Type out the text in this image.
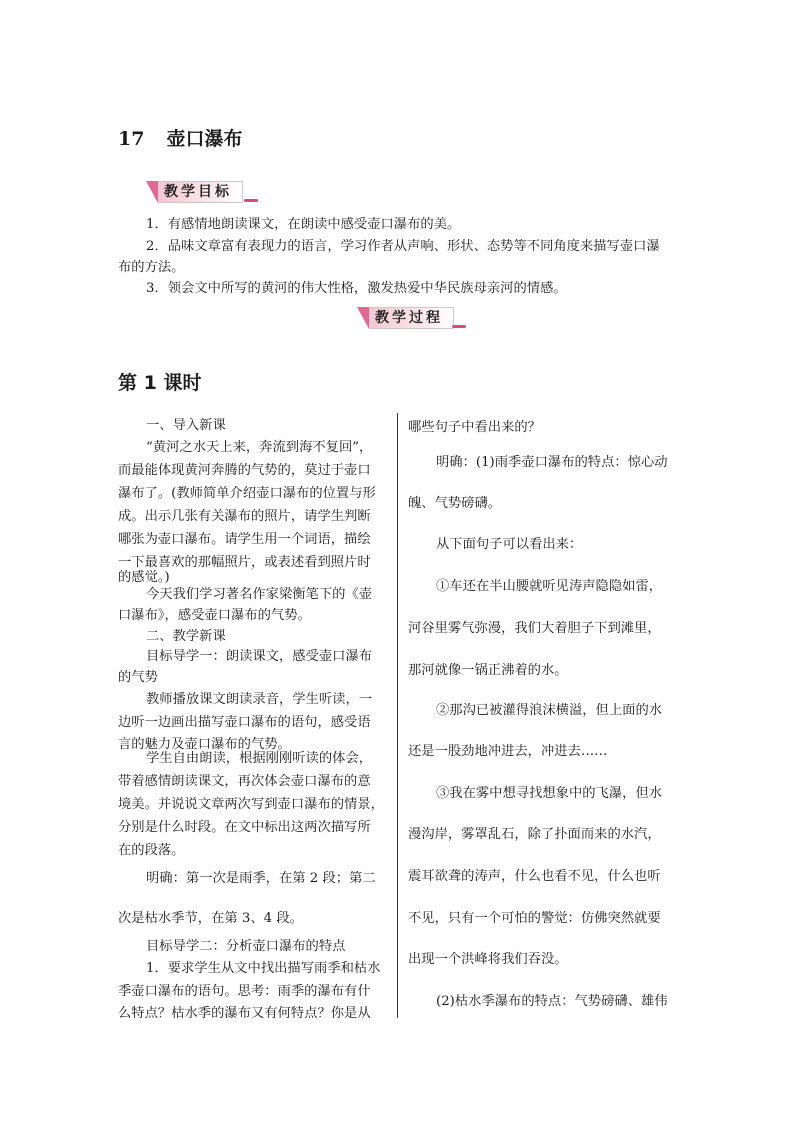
17 壶口瀑布
教学目标
1．有感情地朗读课文，在朗读中感受壶口瀑布的美。
2．品味文章富有表现力的语言，学习作者从声响、形状、态势等不同角度来描写壶口瀑
布的方法。
3．领会文中所写的黄河的伟大性格，激发热爱中华民族母亲河的情感。
教学过程
第 1 课时
一、导入新课
“黄河之水天上来，奔流到海不复回”，
而最能体现黄河奔腾的气势的，莫过于壶口
瀑布了。(教师简单介绍壶口瀑布的位置与形
成。出示几张有关瀑布的照片，请学生判断
哪张为壶口瀑布。请学生用一个词语，描绘
一下最喜欢的那幅照片，或表述看到照片时
的感觉。)
今天我们学习著名作家梁衡笔下的《壶
口瀑布》，感受壶口瀑布的气势。
二、教学新课
目标导学一：朗读课文，感受壶口瀑布
的气势
教师播放课文朗读录音，学生听读，一
边听一边画出描写壶口瀑布的语句，感受语
言的魅力及壶口瀑布的气势。
学生自由朗读，根据刚刚听读的体会，
带着感情朗读课文，再次体会壶口瀑布的意
境美。并说说文章两次写到壶口瀑布的情景，
分别是什么时段。在文中标出这两次描写所
在的段落。
明确：第一次是雨季，在第 2 段；第二
次是枯水季节，在第 3、4 段。
目标导学二：分析壶口瀑布的特点
1．要求学生从文中找出描写雨季和枯水
季壶口瀑布的语句。思考：雨季的瀑布有什
么特点？枯水季的瀑布又有何特点？你是从
哪些句子中看出来的？
明确：(1)雨季壶口瀑布的特点：惊心动
魄、气势磅礴。
从下面句子可以看出来：
①车还在半山腰就听见涛声隐隐如雷，
河谷里雾气弥漫，我们大着胆子下到滩里，
那河就像一锅正沸着的水。
②那沟已被灌得浪沫横溢，但上面的水
还是一股劲地冲进去，冲进去……
③我在雾中想寻找想象中的飞瀑，但水
漫沟岸，雾罩乱石，除了扑面而来的水汽，
震耳欲聋的涛声，什么也看不见，什么也听
不见，只有一个可怕的警觉：仿佛突然就要
出现一个洪峰将我们吞没。
(2)枯水季瀑布的特点：气势磅礴、雄伟
